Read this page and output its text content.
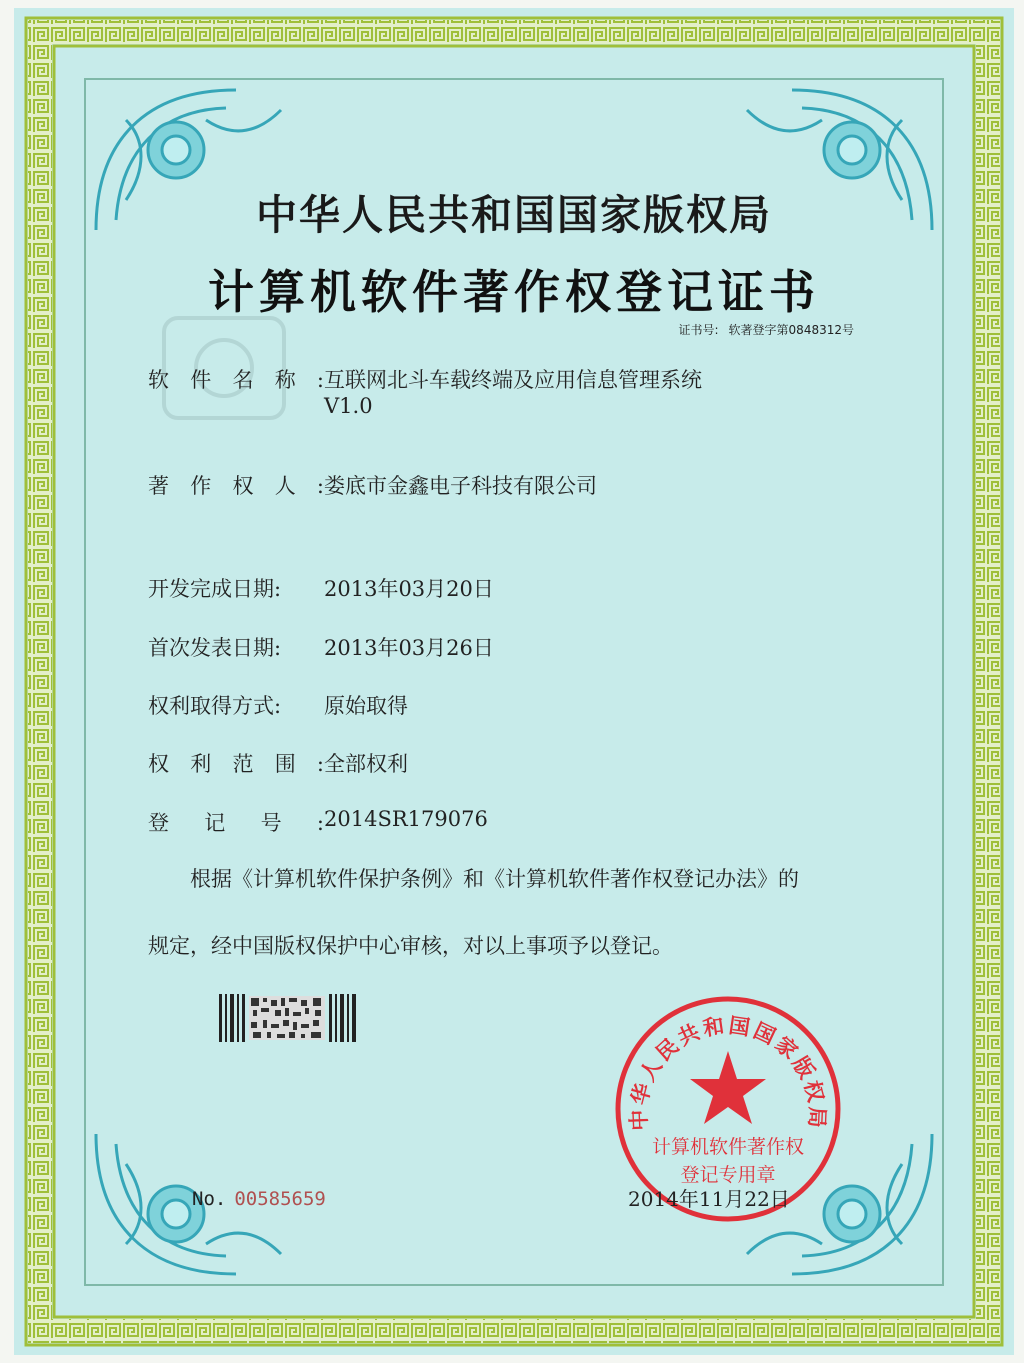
中华人民共和国国家版权局
计算机软件著作权登记证书
证书号: 软著登字第0848312号
软件名称: 互联网北斗车载终端及应用信息管理系统
V1.0
著作权人: 娄底市金鑫电子科技有限公司
开发完成日期:	2013年03月20日
首次发表日期:	2013年03月26日
权利取得方式:	原始取得
权利范围: 全部权利
登记号: 2014SR179076
根据《计算机软件保护条例》和《计算机软件著作权登记办法》的
规定，经中国版权保护中心审核，对以上事项予以登记。
No. 00585659
中华人民共和国国家版权局
计算机软件著作权
登记专用章
2014年11月22日
